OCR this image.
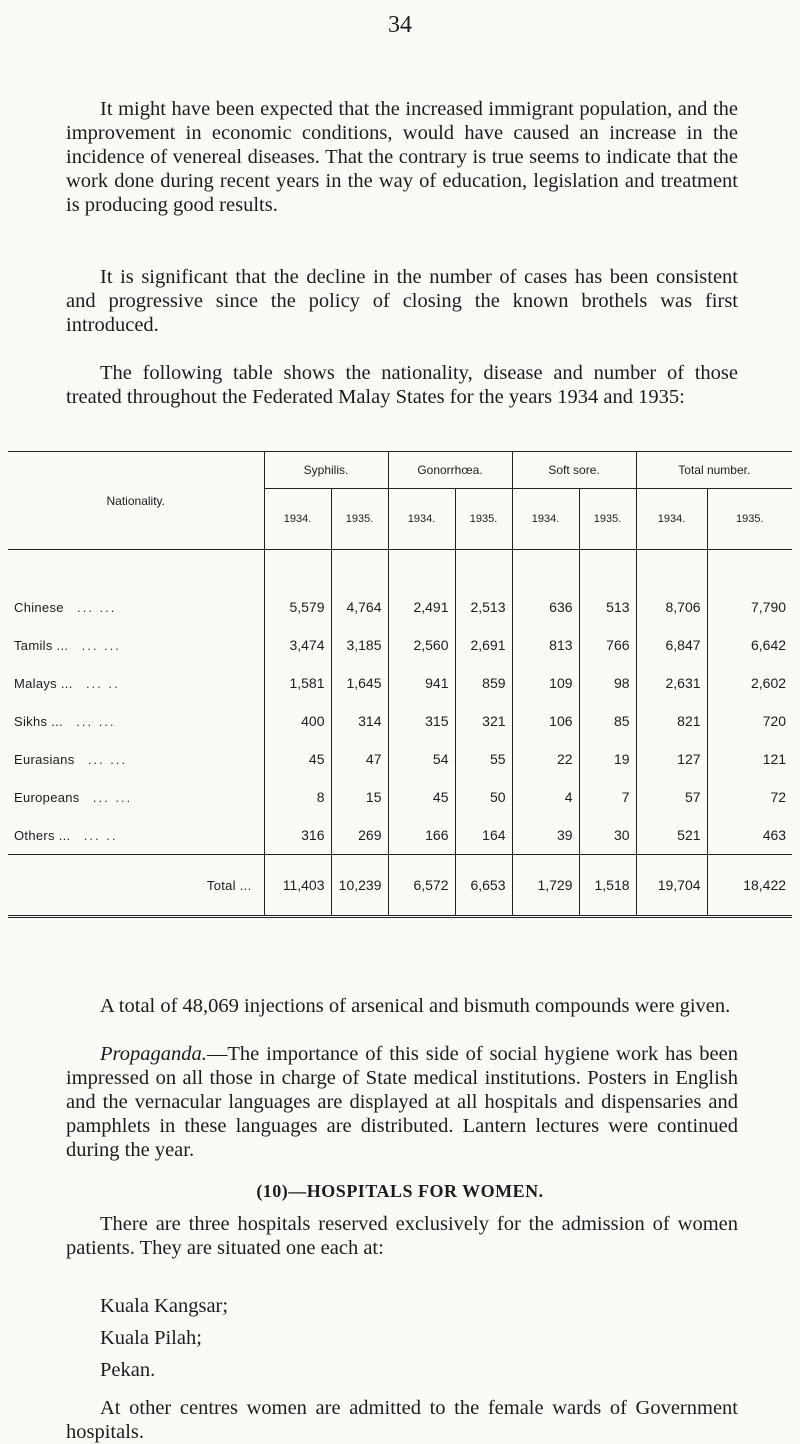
34

It might have been expected that the increased immigrant population, and the improvement in economic conditions, would have caused an increase in the incidence of venereal diseases. That the contrary is true seems to indicate that the work done during recent years in the way of education, legislation and treatment is producing good results.

It is significant that the decline in the number of cases has been consistent and progressive since the policy of closing the known brothels was first introduced.

The following table shows the nationality, disease and number of those treated throughout the Federated Malay States for the years 1934 and 1935:

Nationality.	Syphilis.		Gonorrhœa.		Soft sore.		Total number.	
	1934.	1935.	1934.	1935.	1934.	1935.	1934.	1935.

Chinese  ... ...	5,579	4,764	2,491	2,513	636	513	8,706	7,790
Tamils ...  ... ...	3,474	3,185	2,560	2,691	813	766	6,847	6,642
Malays ...  ... ..	1,581	1,645	941	859	109	98	2,631	2,602
Sikhs ...  ... ...	400	314	315	321	106	85	821	720
Eurasians  ... ...	45	47	54	55	22	19	127	121
Europeans  ... ...	8	15	45	50	4	7	57	72
Others ...  ... ..	316	269	166	164	39	30	521	463
Total ...	11,403	10,239	6,572	6,653	1,729	1,518	19,704	18,422

A total of 48,069 injections of arsenical and bismuth compounds were given.

Propaganda.—The importance of this side of social hygiene work has been impressed on all those in charge of State medical institutions. Posters in English and the vernacular languages are displayed at all hospitals and dispensaries and pamphlets in these languages are distributed. Lantern lectures were continued during the year.

(10)—HOSPITALS FOR WOMEN.

There are three hospitals reserved exclusively for the admission of women patients. They are situated one each at:

Kuala Kangsar;
Kuala Pilah;
Pekan.

At other centres women are admitted to the female wards of Government hospitals.
